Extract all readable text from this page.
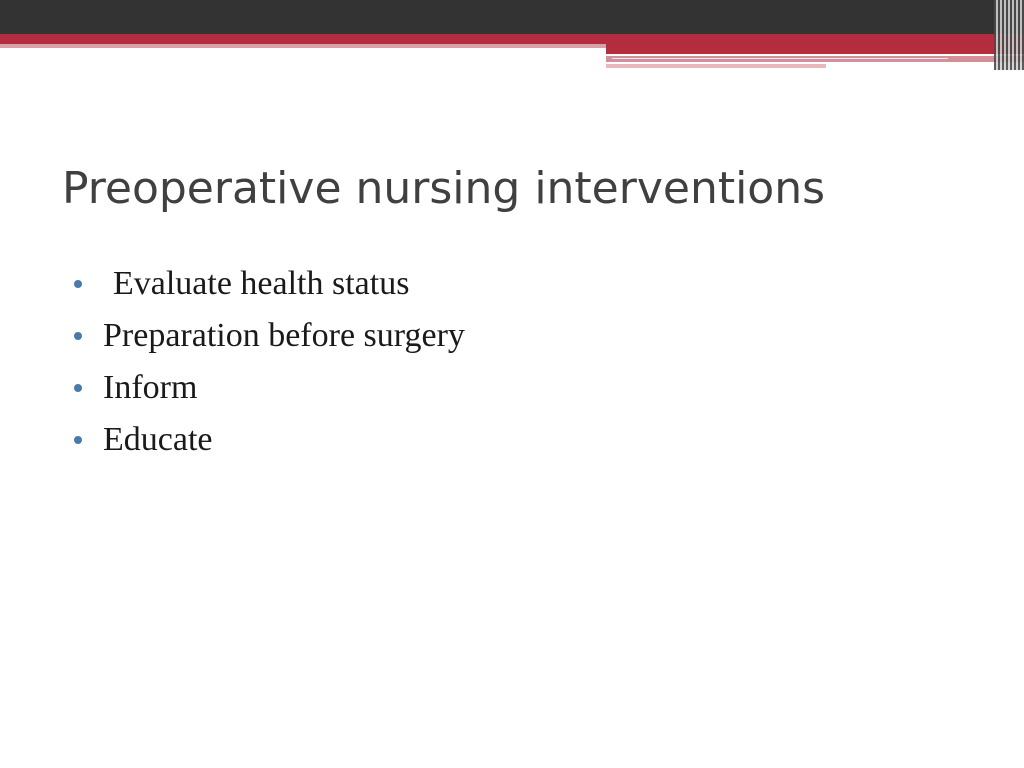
Preoperative nursing interventions
Evaluate health status
Preparation before surgery
Inform
Educate
